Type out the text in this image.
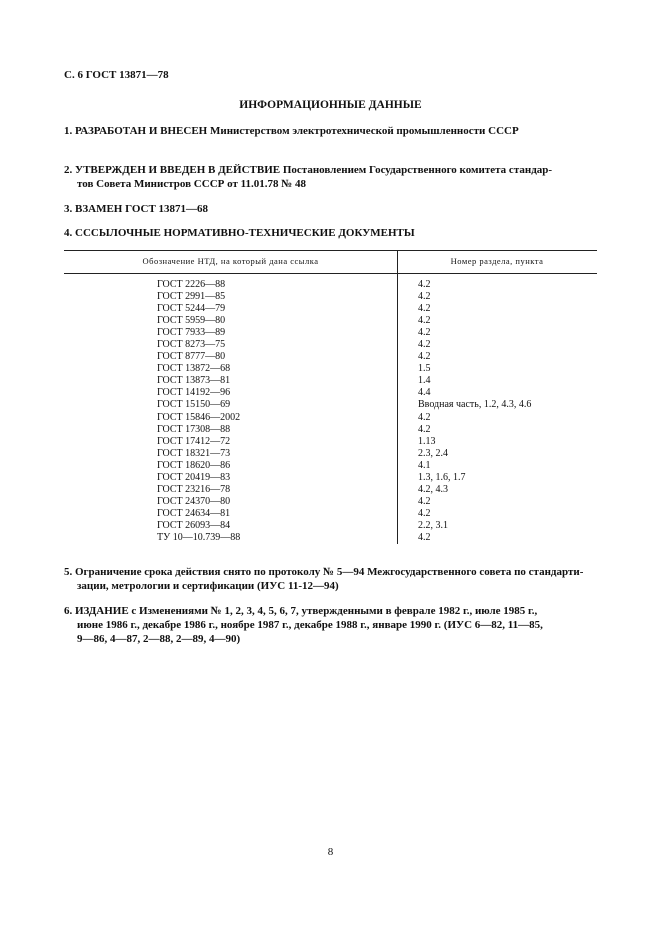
С. 6 ГОСТ 13871—78
ИНФОРМАЦИОННЫЕ ДАННЫЕ
1. РАЗРАБОТАН И ВНЕСЕН Министерством электротехнической промышленности СССР
2. УТВЕРЖДЕН И ВВЕДЕН В ДЕЙСТВИЕ Постановлением Государственного комитета стандар-
тов Совета Министров СССР от 11.01.78 № 48
3. ВЗАМЕН ГОСТ 13871—68
4. СССЫЛОЧНЫЕ НОРМАТИВНО-ТЕХНИЧЕСКИЕ ДОКУМЕНТЫ
Обозначение НТД, на который дана ссылка	Номер раздела, пункта
ГОСТ 2226—88
ГОСТ 2991—85
ГОСТ 5244—79
ГОСТ 5959—80
ГОСТ 7933—89
ГОСТ 8273—75
ГОСТ 8777—80
ГОСТ 13872—68
ГОСТ 13873—81
ГОСТ 14192—96
ГОСТ 15150—69
ГОСТ 15846—2002
ГОСТ 17308—88
ГОСТ 17412—72
ГОСТ 18321—73
ГОСТ 18620—86
ГОСТ 20419—83
ГОСТ 23216—78
ГОСТ 24370—80
ГОСТ 24634—81
ГОСТ 26093—84
ТУ 10—10.739—88
4.2
4.2
4.2
4.2
4.2
4.2
4.2
1.5
1.4
4.4
Вводная часть, 1.2, 4.3, 4.6
4.2
4.2
1.13
2.3, 2.4
4.1
1.3, 1.6, 1.7
4.2, 4.3
4.2
4.2
2.2, 3.1
4.2
5. Ограничение срока действия снято по протоколу № 5—94 Межгосударственного совета по стандарти-
зации, метрологии и сертификации (ИУС 11-12—94)
6. ИЗДАНИЕ с Изменениями № 1, 2, 3, 4, 5, 6, 7, утвержденными в феврале 1982 г., июле 1985 г.,
июне 1986 г., декабре 1986 г., ноябре 1987 г., декабре 1988 г., январе 1990 г. (ИУС 6—82, 11—85,
9—86, 4—87, 2—88, 2—89, 4—90)
8
